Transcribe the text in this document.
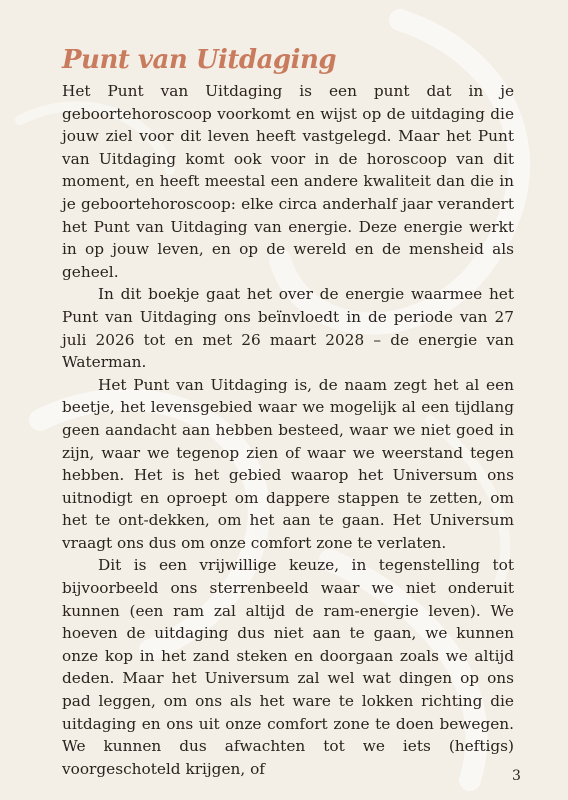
Punt van Uitdaging

Het Punt van Uitdaging is een punt dat in je geboortehoroscoop voorkomt en wijst op de uitdaging die jouw ziel voor dit leven heeft vastgelegd. Maar het Punt van Uitdaging komt ook voor in de horoscoop van dit moment, en heeft meestal een andere kwaliteit dan die in je geboortehoroscoop: elke circa anderhalf jaar verandert het Punt van Uitdaging van energie. Deze energie werkt in op jouw leven, en op de wereld en de mensheid als geheel.

In dit boekje gaat het over de energie waarmee het Punt van Uitdaging ons beïnvloedt in de periode van 27 juli 2026 tot en met 26 maart 2028 – de energie van Waterman.

Het Punt van Uitdaging is, de naam zegt het al een beetje, het levensgebied waar we mogelijk al een tijdlang geen aandacht aan hebben besteed, waar we niet goed in zijn, waar we tegenop zien of waar we weerstand tegen hebben. Het is het gebied waarop het Universum ons uitnodigt en oproept om dappere stappen te zetten, om het te ont-dekken, om het aan te gaan. Het Universum vraagt ons dus om onze comfort zone te verlaten.

Dit is een vrijwillige keuze, in tegenstelling tot bijvoorbeeld ons sterrenbeeld waar we niet onderuit kunnen (een ram zal altijd de ram-energie leven). We hoeven de uitdaging dus niet aan te gaan, we kunnen onze kop in het zand steken en doorgaan zoals we altijd deden. Maar het Universum zal wel wat dingen op ons pad leggen, om ons als het ware te lokken richting die uitdaging en ons uit onze comfort zone te doen bewegen. We kunnen dus afwachten tot we iets (heftigs) voorgeschoteld krijgen, of	3
